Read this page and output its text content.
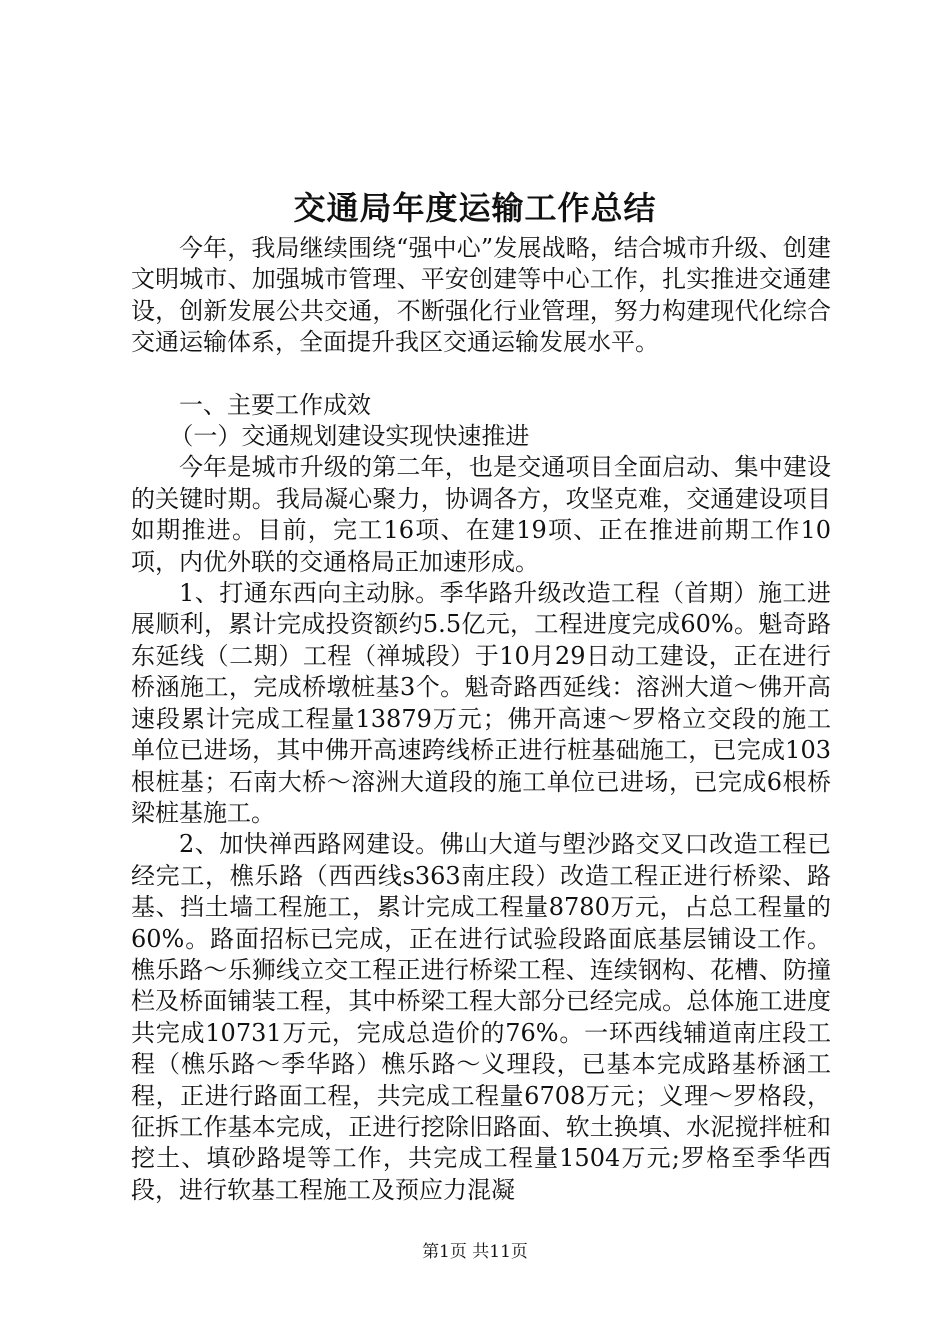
交通局年度运输工作总结

今年，我局继续围绕“强中心”发展战略，结合城市升级、创建文明城市、加强城市管理、平安创建等中心工作，扎实推进交通建设，创新发展公共交通，不断强化行业管理，努力构建现代化综合交通运输体系，全面提升我区交通运输发展水平。

一、主要工作成效

（一）交通规划建设实现快速推进

今年是城市升级的第二年，也是交通项目全面启动、集中建设的关键时期。我局凝心聚力，协调各方，攻坚克难，交通建设项目如期推进。目前，完工16项、在建19项、正在推进前期工作10项，内优外联的交通格局正加速形成。

1、打通东西向主动脉。季华路升级改造工程（首期）施工进展顺利，累计完成投资额约5.5亿元，工程进度完成60%。魁奇路东延线（二期）工程（禅城段）于10月29日动工建设，正在进行桥涵施工，完成桥墩桩基3个。魁奇路西延线：溶洲大道～佛开高速段累计完成工程量13879万元；佛开高速～罗格立交段的施工单位已进场，其中佛开高速跨线桥正进行桩基础施工，已完成103根桩基；石南大桥～溶洲大道段的施工单位已进场，已完成6根桥梁桩基施工。

2、加快禅西路网建设。佛山大道与塱沙路交叉口改造工程已经完工，樵乐路（西西线s363南庄段）改造工程正进行桥梁、路基、挡土墙工程施工，累计完成工程量8780万元，占总工程量的60%。路面招标已完成，正在进行试验段路面底基层铺设工作。樵乐路～乐狮线立交工程正进行桥梁工程、连续钢构、花槽、防撞栏及桥面铺装工程，其中桥梁工程大部分已经完成。总体施工进度共完成10731万元，完成总造价的76%。一环西线辅道南庄段工程（樵乐路～季华路）樵乐路～义理段，已基本完成路基桥涵工程，正进行路面工程，共完成工程量6708万元；义理～罗格段，征拆工作基本完成，正进行挖除旧路面、软土换填、水泥搅拌桩和挖土、填砂路堤等工作，共完成工程量1504万元;罗格至季华西段，进行软基工程施工及预应力混凝

第1页 共11页
